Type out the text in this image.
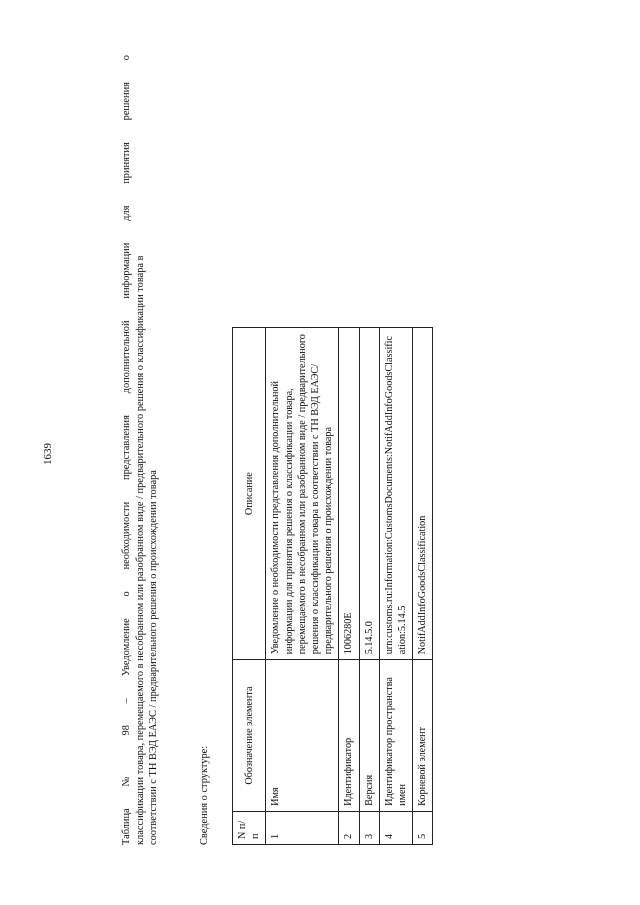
1639	Таблица № 98 – Уведомление о необходимости представления дополнительной информации для принятия решения о классификации товара, перемещаемого в несобранном или разобранном виде / предварительного решения о классификации товара в соответствии с ТН ВЭД ЕАЭС / предварительного решения о происхождении товара	Сведения о структуре:	N п/п	Обозначение элемента	Описание
1	Имя	Уведомление о необходимости представления дополнительной информации для принятия решения о классификации товара, перемещаемого в несобранном или разобранном виде / предварительного решения о классификации товара в соответствии с ТН ВЭД ЕАЭС/ предварительного решения о происхождении товара
2	Идентификатор	1006280E
3	Версия	5.14.5.0
4	Идентификатор пространства имен	urn:customs.ru:Information:CustomsDocuments:NotifAddInfoGoodsClassification:5.14.5
5	Корневой элемент	NotifAddInfoGoodsClassification
